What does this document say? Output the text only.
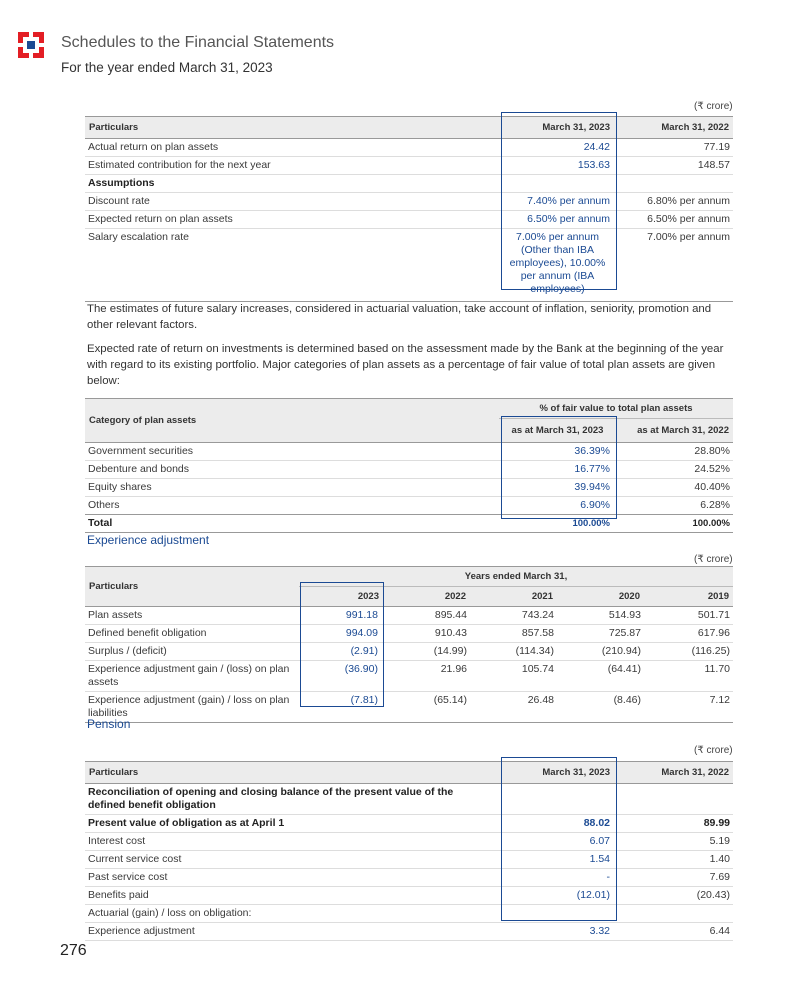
Schedules to the Financial Statements
For the year ended March 31, 2023
(₹ crore)
Particulars	March 31, 2023	March 31, 2022
Actual return on plan assets	24.42	77.19
Estimated contribution for the next year	153.63	148.57
Assumptions		
Discount rate	7.40% per annum	6.80% per annum
Expected return on plan assets	6.50% per annum	6.50% per annum
Salary escalation rate	7.00% per annum (Other than IBA employees), 10.00% per annum (IBA employees)	7.00% per annum
The estimates of future salary increases, considered in actuarial valuation, take account of inflation, seniority, promotion and other relevant factors.
Expected rate of return on investments is determined based on the assessment made by the Bank at the beginning of the year with regard to its existing portfolio. Major categories of plan assets as a percentage of fair value of total plan assets are given below:
Category of plan assets	% of fair value to total plan assets	
	as at March 31, 2023	as at March 31, 2022
Government securities	36.39%	28.80%
Debenture and bonds	16.77%	24.52%
Equity shares	39.94%	40.40%
Others	6.90%	6.28%
Total	100.00%	100.00%
Experience adjustment
(₹ crore)
Particulars	Years ended March 31,				
	2023	2022	2021	2020	2019
Plan assets	991.18	895.44	743.24	514.93	501.71
Defined benefit obligation	994.09	910.43	857.58	725.87	617.96
Surplus / (deficit)	(2.91)	(14.99)	(114.34)	(210.94)	(116.25)
Experience adjustment gain / (loss) on plan assets	(36.90)	21.96	105.74	(64.41)	11.70
Experience adjustment (gain) / loss on plan liabilities	(7.81)	(65.14)	26.48	(8.46)	7.12
Pension
(₹ crore)
Particulars	March 31, 2023	March 31, 2022
Reconciliation of opening and closing balance of the present value of the defined benefit obligation		
Present value of obligation as at April 1	88.02	89.99
Interest cost	6.07	5.19
Current service cost	1.54	1.40
Past service cost	-	7.69
Benefits paid	(12.01)	(20.43)
Actuarial (gain) / loss on obligation:		
Experience adjustment	3.32	6.44
276
